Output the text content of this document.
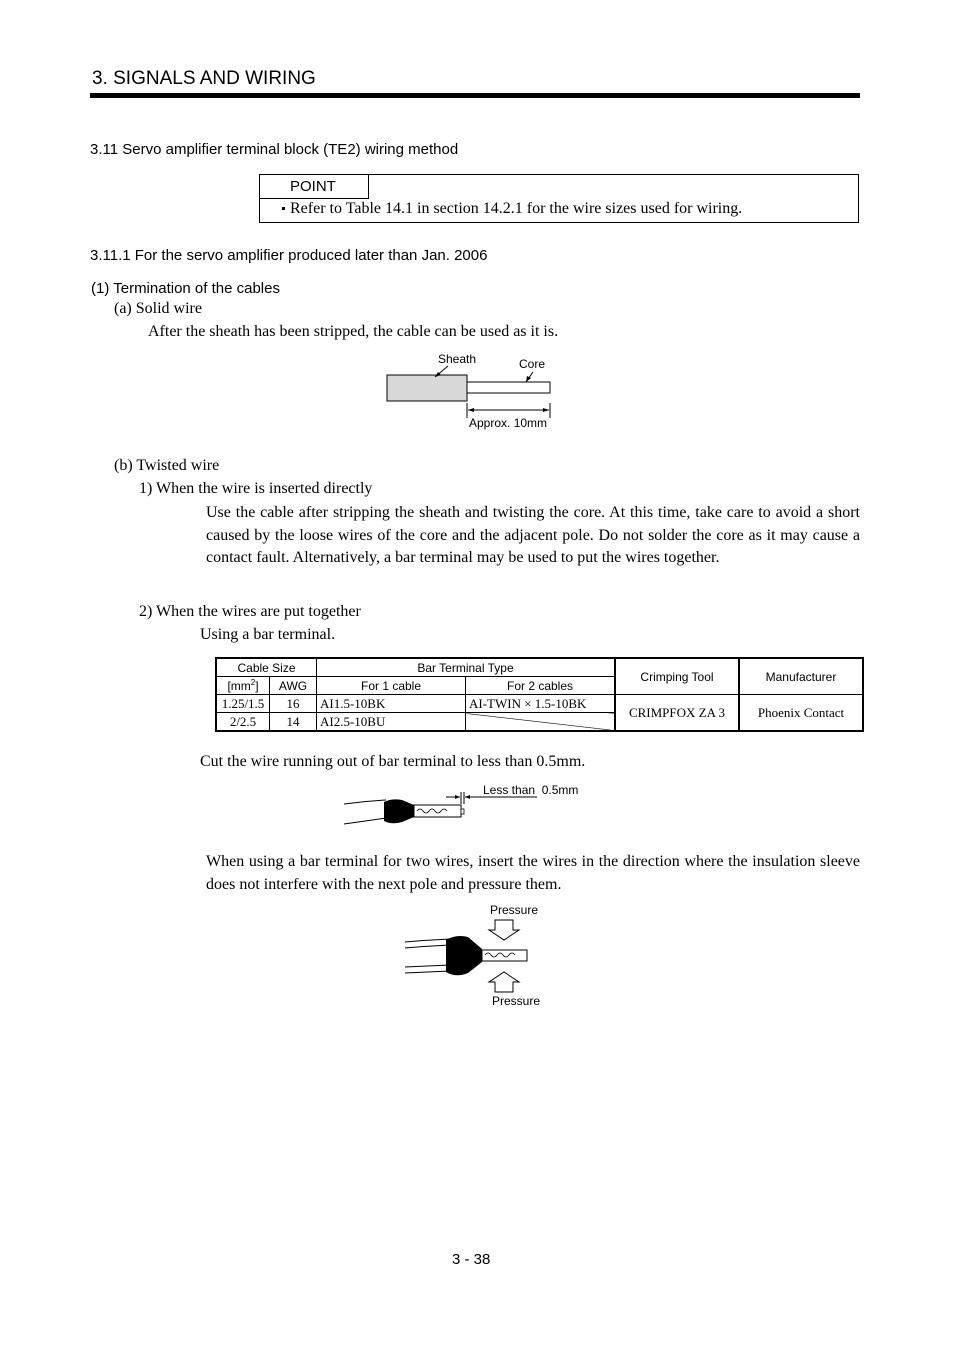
3. SIGNALS AND WIRING
3.11 Servo amplifier terminal block (TE2) wiring method
POINT
Refer to Table 14.1 in section 14.2.1 for the wire sizes used for wiring.
3.11.1 For the servo amplifier produced later than Jan. 2006
(1) Termination of the cables
(a) Solid wire
After the sheath has been stripped, the cable can be used as it is.
Sheath	Core
Approx. 10mm
(b) Twisted wire
1) When the wire is inserted directly
Use the cable after stripping the sheath and twisting the core. At this time, take care to avoid a short caused by the loose wires of the core and the adjacent pole. Do not solder the core as it may cause a contact fault. Alternatively, a bar terminal may be used to put the wires together.
2) When the wires are put together
Using a bar terminal.
Cable Size		Bar Terminal Type		Crimping Tool	Manufacturer
$[mm^2]$	AWG	For 1 cable	For 2 cables		
1.25/1.5	16	AI1.5-10BK	AI-TWIN × 1.5-10BK	CRIMPFOX ZA 3	Phoenix Contact
2/2.5	14	AI2.5-10BU			
Cut the wire running out of bar terminal to less than 0.5mm.
Less than  0.5mm
When using a bar terminal for two wires, insert the wires in the direction where the insulation sleeve does not interfere with the next pole and pressure them.
Pressure
Pressure
3 - 38
